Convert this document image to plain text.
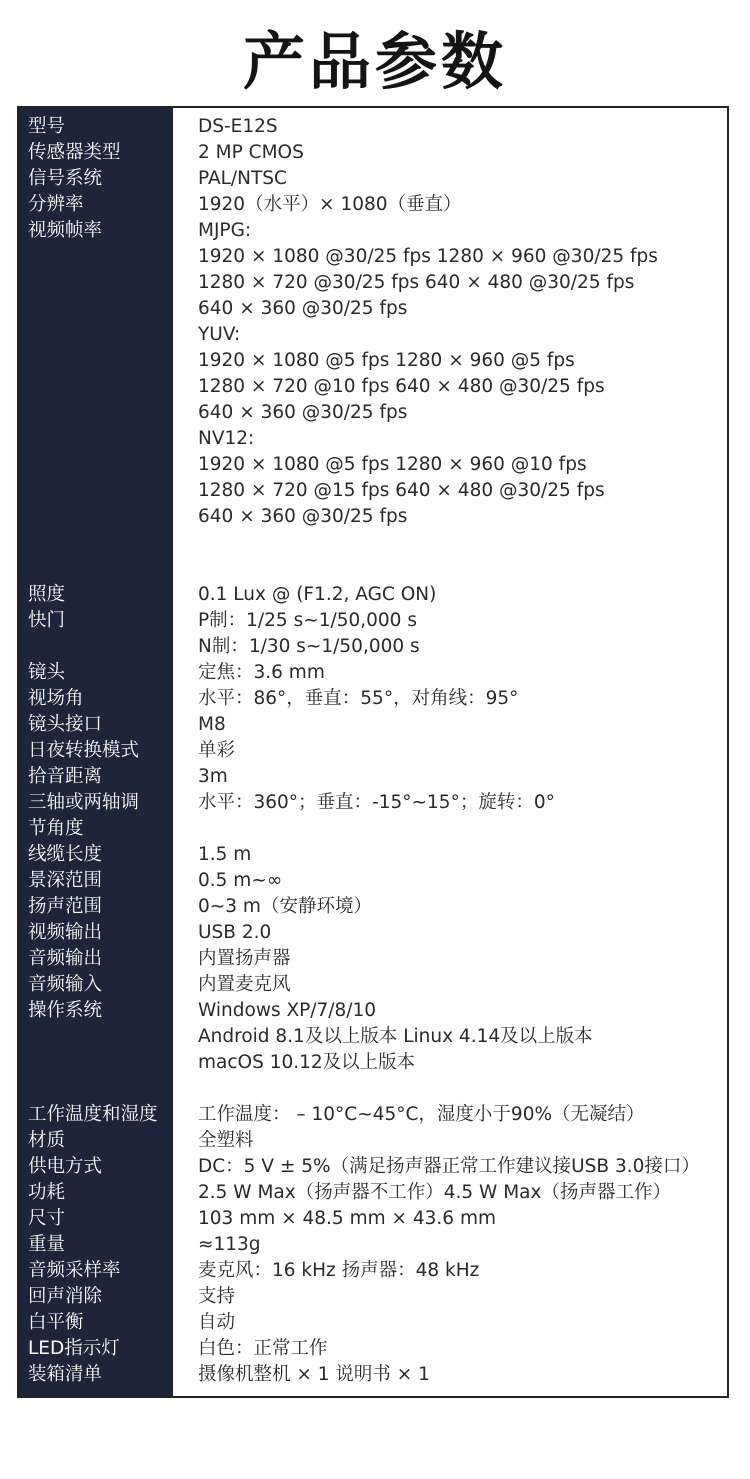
产品参数
型号
传感器类型
信号系统
分辨率
视频帧率
照度
快门
镜头
视场角
镜头接口
日夜转换模式
拾音距离
三轴或两轴调
节角度
线缆长度
景深范围
扬声范围
视频输出
音频输出
音频输入
操作系统
工作温度和湿度
材质
供电方式
功耗
尺寸
重量
音频采样率
回声消除
白平衡
LED指示灯
装箱清单
DS-E12S
2 MP CMOS
PAL/NTSC
1920（水平）× 1080（垂直）
MJPG:
1920 × 1080 @30/25 fps 1280 × 960 @30/25 fps
1280 × 720 @30/25 fps 640 × 480 @30/25 fps
640 × 360 @30/25 fps
YUV:
1920 × 1080 @5 fps 1280 × 960 @5 fps
1280 × 720 @10 fps 640 × 480 @30/25 fps
640 × 360 @30/25 fps
NV12:
1920 × 1080 @5 fps 1280 × 960 @10 fps
1280 × 720 @15 fps 640 × 480 @30/25 fps
640 × 360 @30/25 fps
0.1 Lux @ (F1.2, AGC ON)
P制：1/25 s~1/50,000 s
N制：1/30 s~1/50,000 s
定焦：3.6 mm
水平：86°，垂直：55°，对角线：95°
M8
单彩
3m
水平：360°；垂直：-15°~15°；旋转：0°
1.5 m
0.5 m~∞
0~3 m（安静环境）
USB 2.0
内置扬声器
内置麦克风
Windows XP/7/8/10
Android 8.1及以上版本 Linux 4.14及以上版本
macOS 10.12及以上版本
工作温度： – 10°C~45°C，湿度小于90%（无凝结）
全塑料
DC：5 V ± 5%（满足扬声器正常工作建议接USB 3.0接口）
2.5 W Max（扬声器不工作）4.5 W Max（扬声器工作）
103 mm × 48.5 mm × 43.6 mm
≈113g
麦克风：16 kHz 扬声器：48 kHz
支持
自动
白色：正常工作
摄像机整机 × 1 说明书 × 1
